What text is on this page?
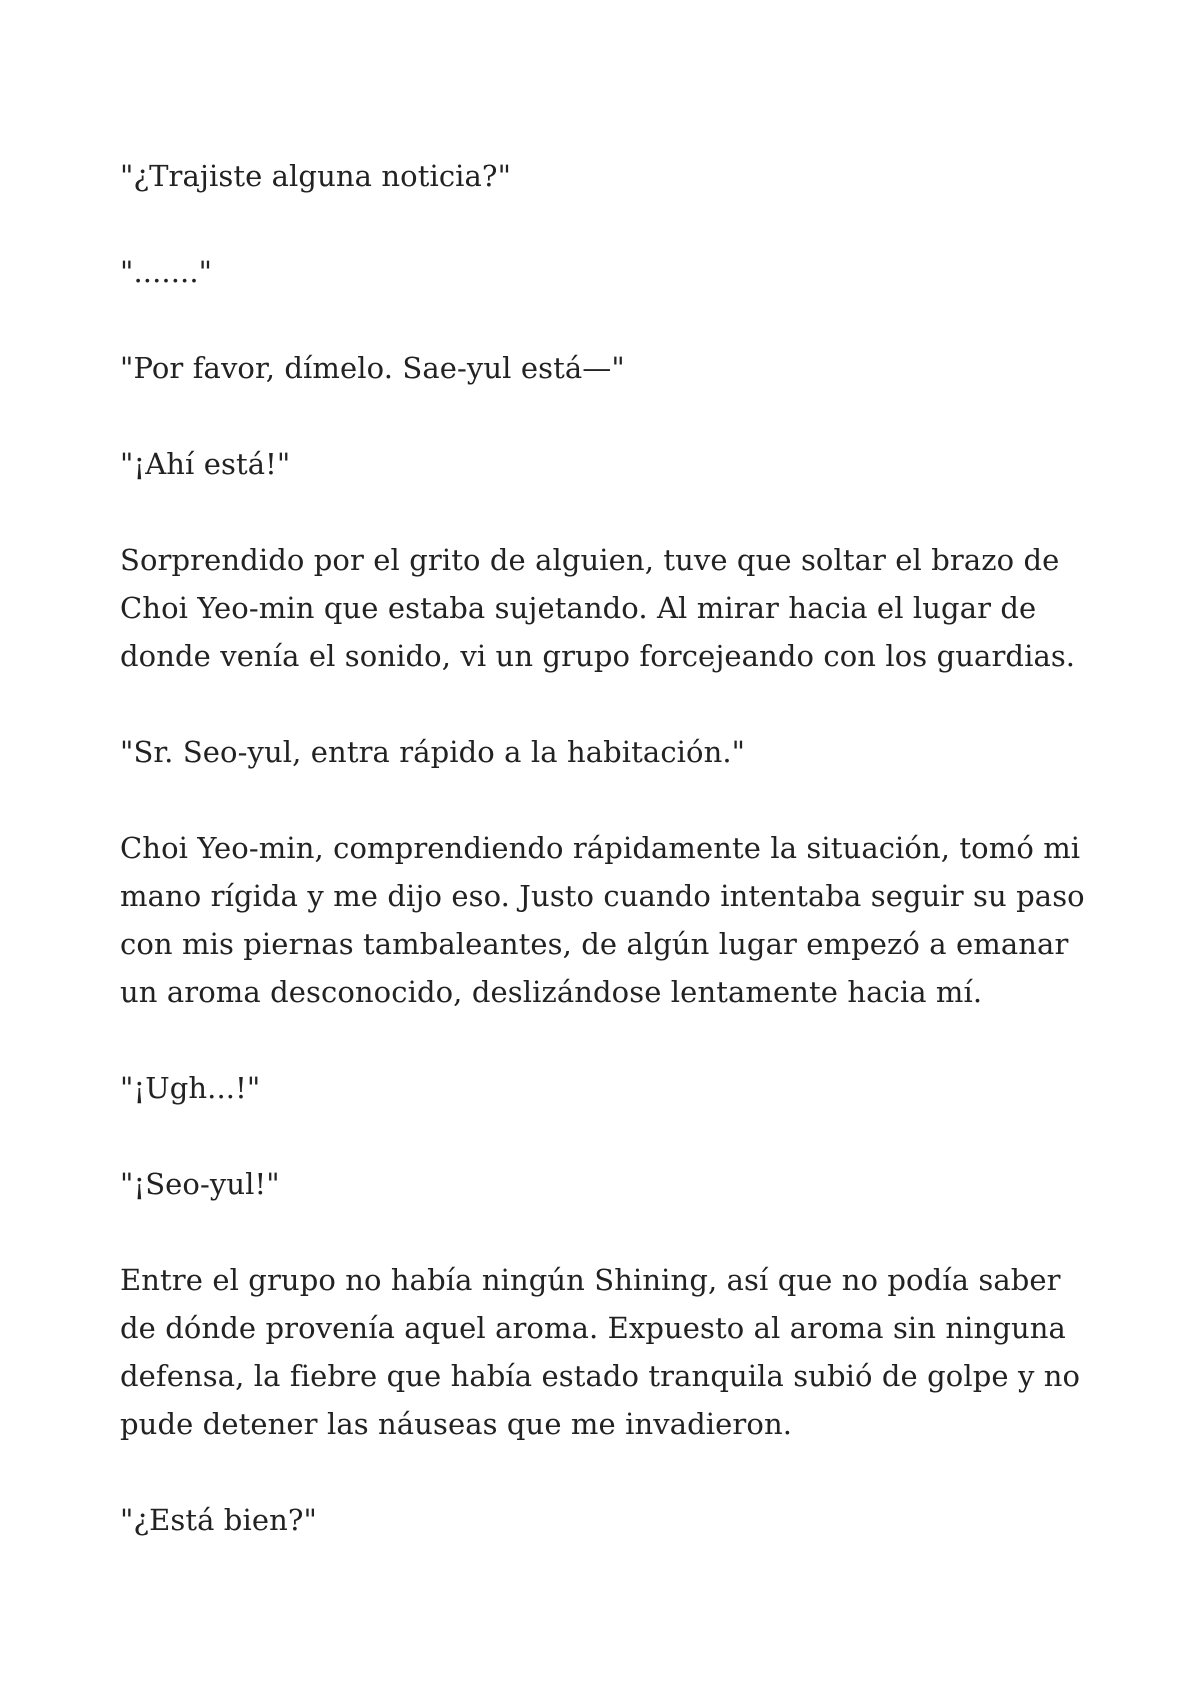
"¿Trajiste alguna noticia?"

"......."

"Por favor, dímelo. Sae-yul está—"

"¡Ahí está!"

Sorprendido por el grito de alguien, tuve que soltar el brazo de Choi Yeo-min que estaba sujetando. Al mirar hacia el lugar de donde venía el sonido, vi un grupo forcejeando con los guardias.

"Sr. Seo-yul, entra rápido a la habitación."

Choi Yeo-min, comprendiendo rápidamente la situación, tomó mi mano rígida y me dijo eso. Justo cuando intentaba seguir su paso con mis piernas tambaleantes, de algún lugar empezó a emanar un aroma desconocido, deslizándose lentamente hacia mí.

"¡Ugh...!"

"¡Seo-yul!"

Entre el grupo no había ningún Shining, así que no podía saber de dónde provenía aquel aroma. Expuesto al aroma sin ninguna defensa, la fiebre que había estado tranquila subió de golpe y no pude detener las náuseas que me invadieron.

"¿Está bien?"
